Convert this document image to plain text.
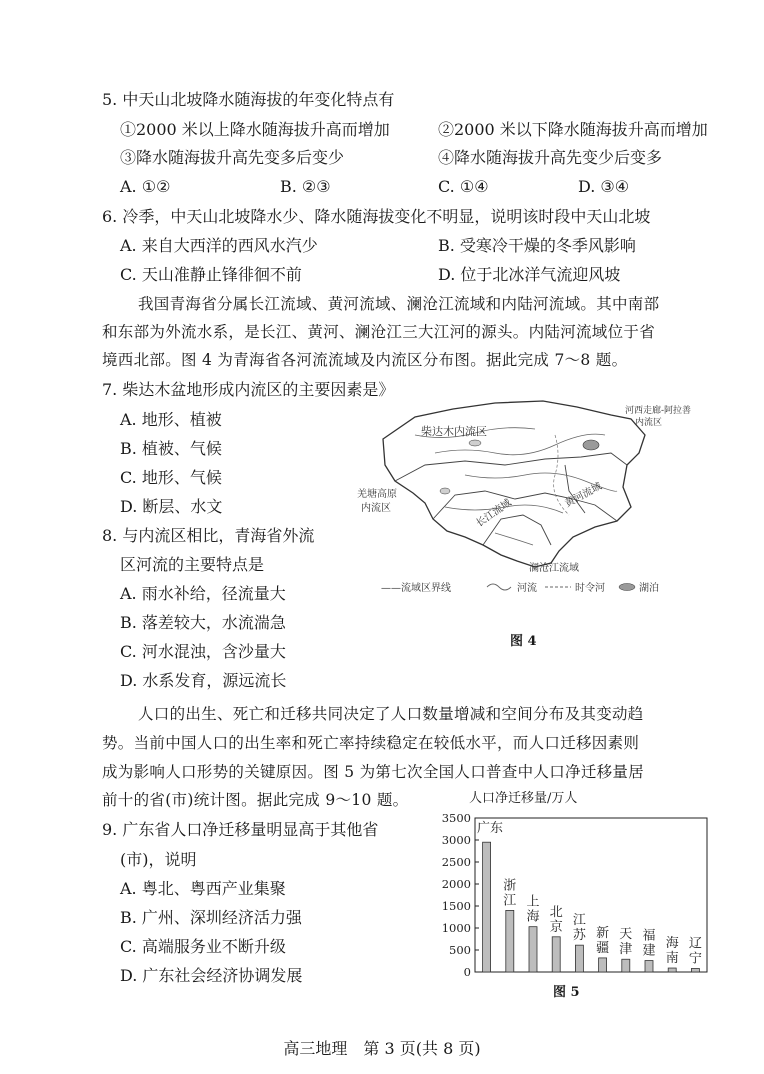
5. 中天山北坡降水随海拔的年变化特点有
①2000 米以上降水随海拔升高而增加	②2000 米以下降水随海拔升高而增加
③降水随海拔升高先变多后变少	④降水随海拔升高先变少后变多
A. ①②	B. ②③	C. ①④	D. ③④
6. 冷季，中天山北坡降水少、降水随海拔变化不明显，说明该时段中天山北坡
A. 来自大西洋的西风水汽少	B. 受寒冷干燥的冬季风影响
C. 天山准静止锋徘徊不前	D. 位于北冰洋气流迎风坡
我国青海省分属长江流域、黄河流域、澜沧江流域和内陆河流域。其中南部
和东部为外流水系，是长江、黄河、澜沧江三大江河的源头。内陆河流域位于省
境西北部。图 4 为青海省各河流流域及内流区分布图。据此完成 7～8 题。
7. 柴达木盆地形成内流区的主要因素是》
A. 地形、植被
B. 植被、气候
C. 地形、气候
D. 断层、水文
8. 与内流区相比，青海省外流
区河流的主要特点是
A. 雨水补给，径流量大
B. 落差较大，水流湍急
C. 河水混浊，含沙量大
D. 水系发育，源远流长
柴达木内流区
河西走廊-阿拉善
内流区
羌塘高原
内流区	长江流域
黄河流域
澜沧江流域
——流域区界线	河流	时令河	湖泊
图 4
人口的出生、死亡和迁移共同决定了人口数量增减和空间分布及其变动趋
势。当前中国人口的出生率和死亡率持续稳定在较低水平，而人口迁移因素则
成为影响人口形势的关键原因。图 5 为第七次全国人口普查中人口净迁移量居
前十的省(市)统计图。据此完成 9～10 题。
9. 广东省人口净迁移量明显高于其他省
(市)，说明
A. 粤北、粤西产业集聚
B. 广州、深圳经济活力强
C. 高端服务业不断升级
D. 广东社会经济协调发展
人口净迁移量/万人
3500
3000
2500
2000
1500
1000
500
0
广东
浙江 上海 北京 江苏 新疆
天津
福建
海南
辽宁
图 5
高三地理　第 3 页(共 8 页)
